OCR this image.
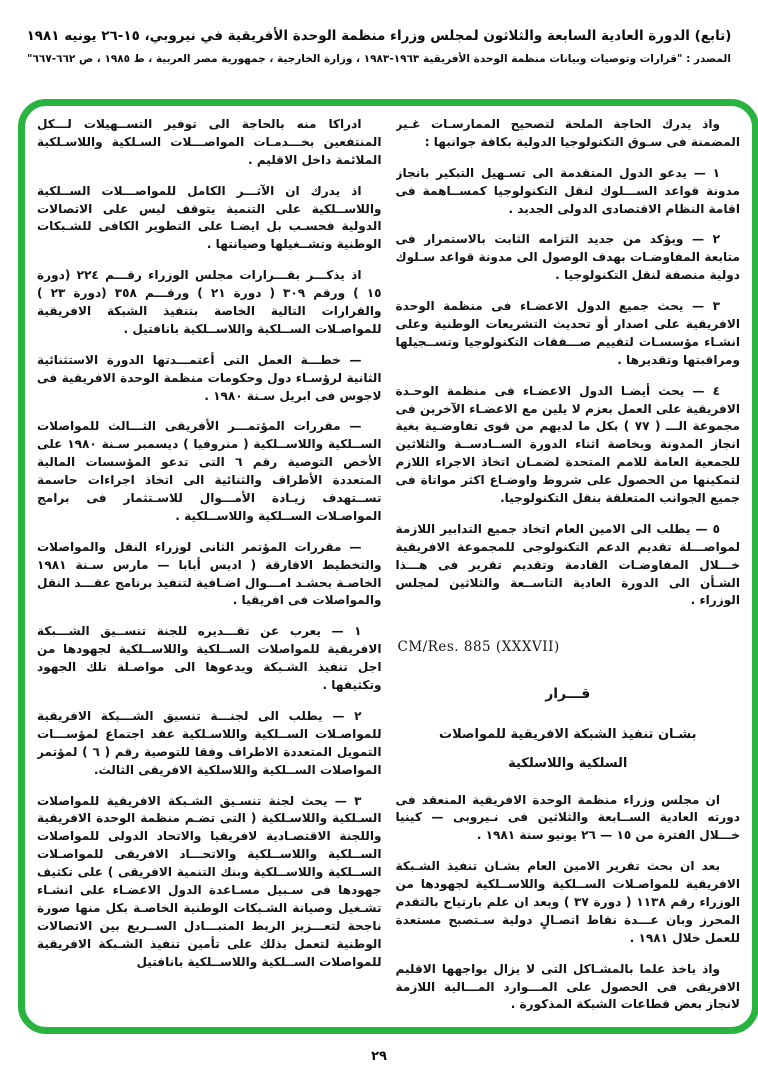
(تابع) الدورة العادية السابعة والثلاثون لمجلس وزراء منظمة الوحدة الأفريقية في نيروبي، ١٥-٢٦ يونيه ١٩٨١
المصدر : "قرارات وتوصيات وبيانات منظمة الوحدة الأفريقية ١٩٦٣-١٩٨٣ ، وزارة الخارجية ، جمهورية مصر العربية ، ط ١٩٨٥ ، ص ٦٦٢-٦٦٧"

واذ يدرك الحاجة الملحة لتصحيح الممارسـات غـير المضمنة فى سـوق التكنولوجيا الدولية بكافة جوانبها :

١ — يدعو الدول المتقدمة الى تسـهيل التبكير بانجاز مدونة قواعد الســـلوك لنقل التكنولوجيا كمســاهمة فى اقامة النظام الاقتصادى الدولى الجديد .

٢ — ويؤكد من جديد التزامه الثابت بالاستمرار فى متابعة المفاوضـات بهدف الوصول الى مدونة قواعد سـلوك دولية منصفة لنقل التكنولوجيا .

٣ — يحث جميع الدول الاعضـاء فى منظمة الوحدة الافريقية على اصدار أو تحديث التشريعات الوطنية وعلى انشـاء مؤسسـات لتقييم صـــفقات التكنولوجيا وتســجيلها ومراقبتها وتقديرها .

٤ — يحث أيضـا الدول الاعضـاء فى منظمة الوحـدة الافريقية على العمل بعزم لا يلين مع الاعضـاء الآخرين فى مجموعة الـــ ( ٧٧ ) بكل ما لديهم من قوى تفاوضـية بغية انجاز المدونة وبخاصة اثناء الدورة الســادســة والثلاثين للجمعية العامة للامم المتحدة لضمـان اتخاذ الاجراء اللازم لتمكينها من الحصول على شروط واوضـاع اكثر مواتاة فى جميع الجوانب المتعلقة بنقل التكنولوجيا.

٥ — يطلب الى الامين العام اتخاذ جميع التدابير اللازمة لمواصـــلة تقديم الدعم التكنولوجى للمجموعة الافريقية خـــلال المفاوضـات القادمة وتقديم تقرير فى هـــذا الشـأن الى الدورة العادية التاســعة والثلاثين لمجلس الوزراء .

CM/Res. 885 (XXXVII)

قـــرار

بشـان تنفيذ الشبكة الافريقية للمواصلات

السلكية واللاسلكية

ان مجلس وزراء منظمة الوحدة الافريقية المنعقد فى دورته العادية الســابعة والثلاثين فى نـيروبى — كينيا خـــلال الفترة من ١٥ — ٢٦ يونيو سنة ١٩٨١ .

بعد ان بحث تقرير الامين العام بشـان تنفيذ الشـبكة الافريقية للمواصـلات الســلكية واللاســلكية لجهودها من الوزراء رقم ١١٣٨ ( دورة ٣٧ ) وبعد ان علم بارتياح بالتقدم المحرز وبان عـــدة نقاط اتصـالٍ دولية سـتصبح مستعدة للعمل خلال ١٩٨١ .

واذ ياخذ علما بالمشـاكل التى لا يزال يواجهها الاقليم الافريقى فى الحصول على المـــوارد المـــالية اللازمة لانجاز بعض قطاعات الشبكة المذكورة .

ادراكا منه بالحاجة الى توفير التســهيلات لـــكل المنتفعين بخـــدمـات المواصـــلات السـلكية واللاسـلكية الملائمة داخل الاقليم .

اذ يدرك ان الآثـــر الكامل للمواصـــلات الســلكية واللاســلكية على التنمية يتوقف ليس على الاتصالات الدولية فحسـب بل ايضـا على التطوير الكافى للشـبكات الوطنية وتشــغيلها وصيانتها .

اذ يذكـــر بقـــرارات مجلس الوزراء رقـــم ٢٢٤ (دورة ١٥ ) ورقم ٣٠٩ ( دورة ٢١ ) ورقـــم ٣٥٨ (دورة ٢٣ ) والقرارات التالية الخاصة بتنفيذ الشبكة الافريقية للمواصـلات الســلكية واللاســلكية بانافتيل .

— خطـــة العمل التى أعتمـــدتها الدورة الاستثنائية الثانية لرؤسـاء دول وحكومات منظمة الوحدة الافريقية فى لاجوس فى ابريل سـنة ١٩٨٠ .

— مقررات المؤتمـــر الأفريقى الثـــالث للمواصلات الســلكية واللاســلكية ( منروفيا ) ديسمبر سـنة ١٩٨٠ على الأخص التوصية رقم ٦ التى تدعو المؤسسات المالية المتعددة الأطراف والثنائية الى اتخاذ اجراءات حاسمة تســتهدف زيـادة الأمـــوال للاسـتثمار فى برامج المواصـلات الســلكية واللاســلكية .

— مقررات المؤتمر الثانى لوزراء النقل والمواصلات والتخطيط الافارقة ( اديس أبابا — مارس سـنة ١٩٨١ الخاصـة بحشـد امـــوال اضـافية لتنفيذ برنامج عقـــد النقل والمواصلات فى افريقيا .

١ — يعرب عن تقـــديره للجنة تنســيق الشـــبكة الافريقية للمواصلات الســلكية واللاســلكية لجهودها من اجل تنفيذ الشـبكة ويدعوها الى مواصـلة تلك الجهود وتكثيفها .

٢ — يطلب الى لجنـــة تنسيق الشـــبكة الافريقية للمواصـلات الســلكية واللاسـلكية عقد اجتماع لمؤســـات التمويل المتعددة الاطراف وفقا للتوصية رقم ( ٦ ) لمؤتمر المواصلات الســلكية واللاسلكية الافريقى الثالث.

٣ — يحث لجنة تنسـيق الشـبكة الافريقية للمواصلات السـلكية واللاسـلكية ( التى تضـم منظمة الوحدة الافريقية واللجنة الاقتصـادية لافريقيا والاتحاد الدولى للمواصلات الســلكية واللاســلكية والاتحـــاد الافريقى للمواصـلات الســلكية واللاســلكية وبنك التنمية الافريقى ) على تكثيف جهودها فى سـبيل مسـاعدة الدول الاعضـاء على انشـاء تشـغيل وصيانة الشـبكات الوطنية الخاصـة بكل منها صورة ناجحة لتعـــزيز الربط المتبـــادل الســريع بين الاتصالات الوطنية لتعمل بذلك على تأمين تنفيذ الشـبكة الافريقية للمواصلات الســلكية واللاســلكية بانافتيل

٢٩
